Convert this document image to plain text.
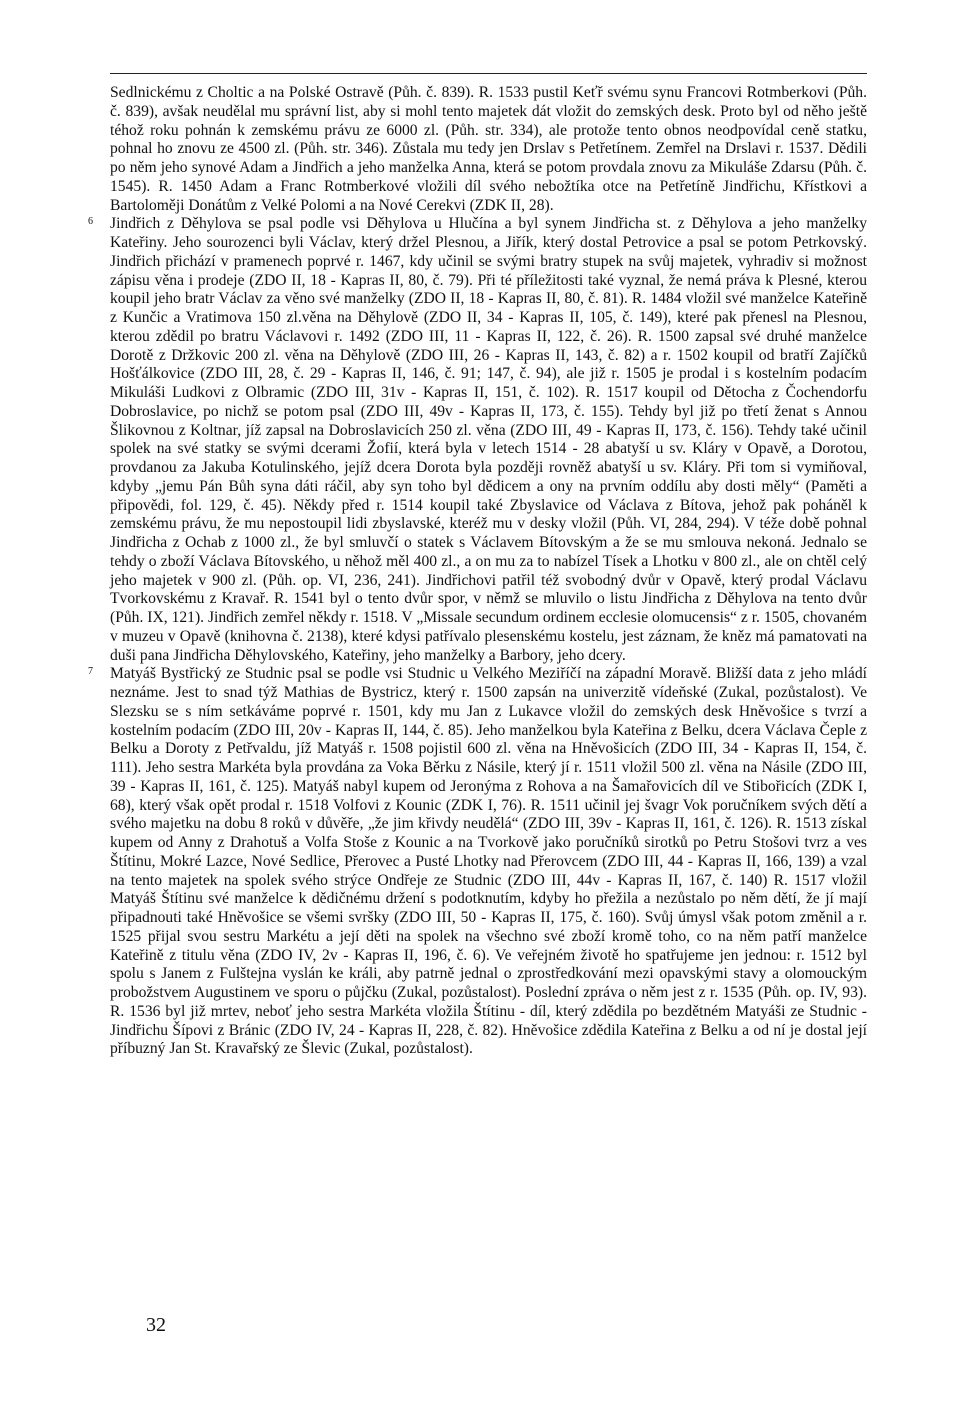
Sedlnickému z Choltic a na Polské Ostravě (Půh. č. 839). R. 1533 pustil Keťř svému synu Francovi Rotmberkovi (Půh. č. 839), avšak neudělal mu správní list, aby si mohl tento majetek dát vložit do zemských desk. Proto byl od něho ještě téhož roku pohnán k zemskému právu ze 6000 zl. (Půh. str. 334), ale protože tento obnos neodpovídal ceně statku, pohnal ho znovu ze 4500 zl. (Půh. str. 346). Zůstala mu tedy jen Drslav s Petřetínem. Zemřel na Drslavi r. 1537. Dědili po něm jeho synové Adam a Jindřich a jeho manželka Anna, která se potom provdala znovu za Mikuláše Zdarsu (Půh. č. 1545). R. 1450 Adam a Franc Rotmberkové vložili díl svého nebožtíka otce na Petřetíně Jindřichu, Křístkovi a Bartoloměji Donátům z Velké Polomi a na Nové Cerekvi (ZDK II, 28).

6 Jindřich z Děhylova se psal podle vsi Děhylova u Hlučína a byl synem Jindřicha st. z Děhylova a jeho manželky Kateřiny. Jeho sourozenci byli Václav, který držel Plesnou, a Jiřík, který dostal Petrovice a psal se potom Petrkovský. Jindřich přichází v pramenech poprvé r. 1467, kdy učinil se svými bratry stupek na svůj majetek, vyhradiv si možnost zápisu věna i prodeje (ZDO II, 18 - Kapras II, 80, č. 79). Při té příležitosti také vyznal, že nemá práva k Plesné, kterou koupil jeho bratr Václav za věno své manželky (ZDO II, 18 - Kapras II, 80, č. 81). R. 1484 vložil své manželce Kateřině z Kunčic a Vratimova 150 zl.věna na Děhylově (ZDO II, 34 - Kapras II, 105, č. 149), které pak přenesl na Plesnou, kterou zdědil po bratru Václavovi r. 1492 (ZDO III, 11 - Kapras II, 122, č. 26). R. 1500 zapsal své druhé manželce Dorotě z Držkovic 200 zl. věna na Děhylově (ZDO III, 26 - Kapras II, 143, č. 82) a r. 1502 koupil od bratří Zajíčků Hošťálkovice (ZDO III, 28, č. 29 - Kapras II, 146, č. 91; 147, č. 94), ale již r. 1505 je prodal i s kostelním podacím Mikuláši Ludkovi z Olbramic (ZDO III, 31v - Kapras II, 151, č. 102). R. 1517 koupil od Dětocha z Čochendorfu Dobroslavice, po nichž se potom psal (ZDO III, 49v - Kapras II, 173, č. 155). Tehdy byl již po třetí ženat s Annou Šlikovnou z Koltnar, jíž zapsal na Dobroslavicích 250 zl. věna (ZDO III, 49 - Kapras II, 173, č. 156). Tehdy také učinil spolek na své statky se svými dcerami Žofií, která byla v letech 1514 - 28 abatyší u sv. Kláry v Opavě, a Dorotou, provdanou za Jakuba Kotulinského, jejíž dcera Dorota byla později rovněž abatyší u sv. Kláry. Při tom si vymiňoval, kdyby „jemu Pán Bůh syna dáti ráčil, aby syn toho byl dědicem a ony na prvním oddílu aby dosti měly“ (Paměti a připovědi, fol. 129, č. 45). Někdy před r. 1514 koupil také Zbyslavice od Václava z Bítova, jehož pak poháněl k zemskému právu, že mu nepostoupil lidi zbyslavské, kteréž mu v desky vložil (Půh. VI, 284, 294). V téže době pohnal Jindřicha z Ochab z 1000 zl., že byl smluvčí o statek s Václavem Bítovským a že se mu smlouva nekoná. Jednalo se tehdy o zboží Václava Bítovského, u něhož měl 400 zl., a on mu za to nabízel Tísek a Lhotku v 800 zl., ale on chtěl celý jeho majetek v 900 zl. (Půh. op. VI, 236, 241). Jindřichovi patřil též svobodný dvůr v Opavě, který prodal Václavu Tvorkovskému z Kravař. R. 1541 byl o tento dvůr spor, v němž se mluvilo o listu Jindřicha z Děhylova na tento dvůr (Půh. IX, 121). Jindřich zemřel někdy r. 1518. V „Missale secundum ordinem ecclesie olomucensis“ z r. 1505, chovaném v muzeu v Opavě (knihovna č. 2138), které kdysi patřívalo plesenskému kostelu, jest záznam, že kněz má pamatovati na duši pana Jindřicha Děhylovského, Kateřiny, jeho manželky a Barbory, jeho dcery.

7 Matyáš Bystřický ze Studnic psal se podle vsi Studnic u Velkého Meziříčí na západní Moravě. Bližší data z jeho mládí neznáme. Jest to snad týž Mathias de Bystricz, který r. 1500 zapsán na univerzitě vídeňské (Zukal, pozůstalost). Ve Slezsku se s ním setkáváme poprvé r. 1501, kdy mu Jan z Lukavce vložil do zemských desk Hněvošice s tvrzí a kostelním podacím (ZDO III, 20v - Kapras II, 144, č. 85). Jeho manželkou byla Kateřina z Belku, dcera Václava Čeple z Belku a Doroty z Petřvaldu, jíž Matyáš r. 1508 pojistil 600 zl. věna na Hněvošicích (ZDO III, 34 - Kapras II, 154, č. 111). Jeho sestra Markéta byla provdána za Voka Běrku z Násile, který jí r. 1511 vložil 500 zl. věna na Násile (ZDO III, 39 - Kapras II, 161, č. 125). Matyáš nabyl kupem od Jeronýma z Rohova a na Šamařovicích díl ve Stibořicích (ZDK I, 68), který však opět prodal r. 1518 Volfovi z Kounic (ZDK I, 76). R. 1511 učinil jej švagr Vok poručníkem svých dětí a svého majetku na dobu 8 roků v důvěře, „že jim křivdy neudělá“ (ZDO III, 39v - Kapras II, 161, č. 126). R. 1513 získal kupem od Anny z Drahotuš a Volfa Stoše z Kounic a na Tvorkově jako poručníků sirotků po Petru Stošovi tvrz a ves Štítinu, Mokré Lazce, Nové Sedlice, Přerovec a Pusté Lhotky nad Přerovcem (ZDO III, 44 - Kapras II, 166, 139) a vzal na tento majetek na spolek svého strýce Ondřeje ze Studnic (ZDO III, 44v - Kapras II, 167, č. 140) R. 1517 vložil Matyáš Štítinu své manželce k dědičnému držení s podotknutím, kdyby ho přežila a nezůstalo po něm dětí, že jí mají připadnouti také Hněvošice se všemi svršky (ZDO III, 50 - Kapras II, 175, č. 160). Svůj úmysl však potom změnil a r. 1525 přijal svou sestru Markétu a její děti na spolek na všechno své zboží kromě toho, co na něm patří manželce Kateřině z titulu věna (ZDO IV, 2v - Kapras II, 196, č. 6). Ve veřejném životě ho spatřujeme jen jednou: r. 1512 byl spolu s Janem z Fulštejna vyslán ke králi, aby patrně jednal o zprostředkování mezi opavskými stavy a olomouckým probožstvem Augustinem ve sporu o půjčku (Zukal, pozůstalost). Poslední zpráva o něm jest z r. 1535 (Půh. op. IV, 93). R. 1536 byl již mrtev, neboť jeho sestra Markéta vložila Štítinu - díl, který zdědila po bezdětném Matyáši ze Studnic - Jindřichu Šípovi z Bránic (ZDO IV, 24 - Kapras II, 228, č. 82). Hněvošice zdědila Kateřina z Belku a od ní je dostal její příbuzný Jan St. Kravařský ze Šlevic (Zukal, pozůstalost).

32
